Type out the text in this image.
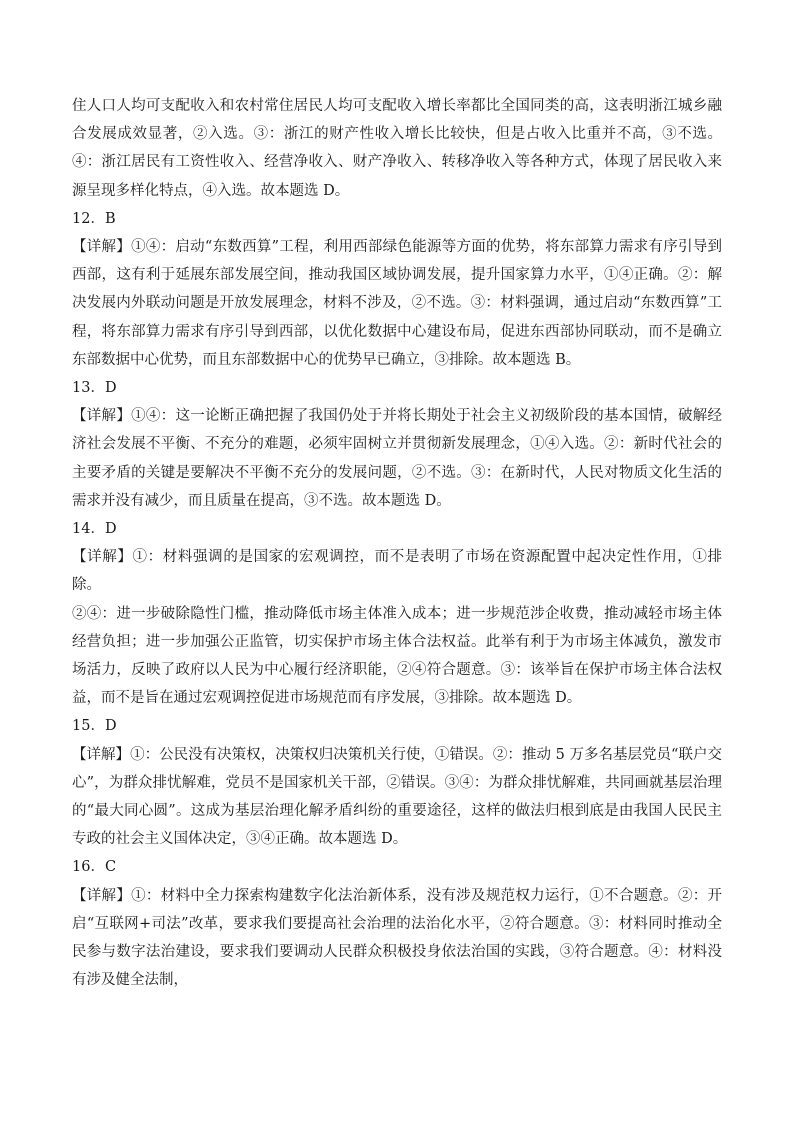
住人口人均可支配收入和农村常住居民人均可支配收入增长率都比全国同类的高，这表明浙江城乡融合发展成效显著，②入选。③：浙江的财产性收入增长比较快，但是占收入比重并不高，③不选。④：浙江居民有工资性收入、经营净收入、财产净收入、转移净收入等各种方式，体现了居民收入来源呈现多样化特点，④入选。故本题选 D。

12．B

【详解】①④：启动“东数西算”工程，利用西部绿色能源等方面的优势，将东部算力需求有序引导到西部，这有利于延展东部发展空间，推动我国区域协调发展，提升国家算力水平，①④正确。②：解决发展内外联动问题是开放发展理念，材料不涉及，②不选。③：材料强调，通过启动“东数西算”工程，将东部算力需求有序引导到西部，以优化数据中心建设布局，促进东西部协同联动，而不是确立东部数据中心优势，而且东部数据中心的优势早已确立，③排除。故本题选 B。

13．D

【详解】①④：这一论断正确把握了我国仍处于并将长期处于社会主义初级阶段的基本国情，破解经济社会发展不平衡、不充分的难题，必须牢固树立并贯彻新发展理念，①④入选。②：新时代社会的主要矛盾的关键是要解决不平衡不充分的发展问题，②不选。③：在新时代，人民对物质文化生活的需求并没有减少，而且质量在提高，③不选。故本题选 D。

14．D

【详解】①：材料强调的是国家的宏观调控，而不是表明了市场在资源配置中起决定性作用，①排除。

②④：进一步破除隐性门槛，推动降低市场主体准入成本；进一步规范涉企收费，推动减轻市场主体经营负担；进一步加强公正监管，切实保护市场主体合法权益。此举有利于为市场主体减负，激发市场活力，反映了政府以人民为中心履行经济职能，②④符合题意。③：该举旨在保护市场主体合法权益，而不是旨在通过宏观调控促进市场规范而有序发展，③排除。故本题选 D。

15．D

【详解】①：公民没有决策权，决策权归决策机关行使，①错误。②：推动 5 万多名基层党员“联户交心”，为群众排忧解难，党员不是国家机关干部，②错误。③④：为群众排忧解难，共同画就基层治理的“最大同心圆”。这成为基层治理化解矛盾纠纷的重要途径，这样的做法归根到底是由我国人民民主专政的社会主义国体决定，③④正确。故本题选 D。

16．C

【详解】①：材料中全力探索构建数字化法治新体系，没有涉及规范权力运行，①不合题意。②：开启“互联网+司法”改革，要求我们要提高社会治理的法治化水平，②符合题意。③：材料同时推动全民参与数字法治建设，要求我们要调动人民群众积极投身依法治国的实践，③符合题意。④：材料没有涉及健全法制，
